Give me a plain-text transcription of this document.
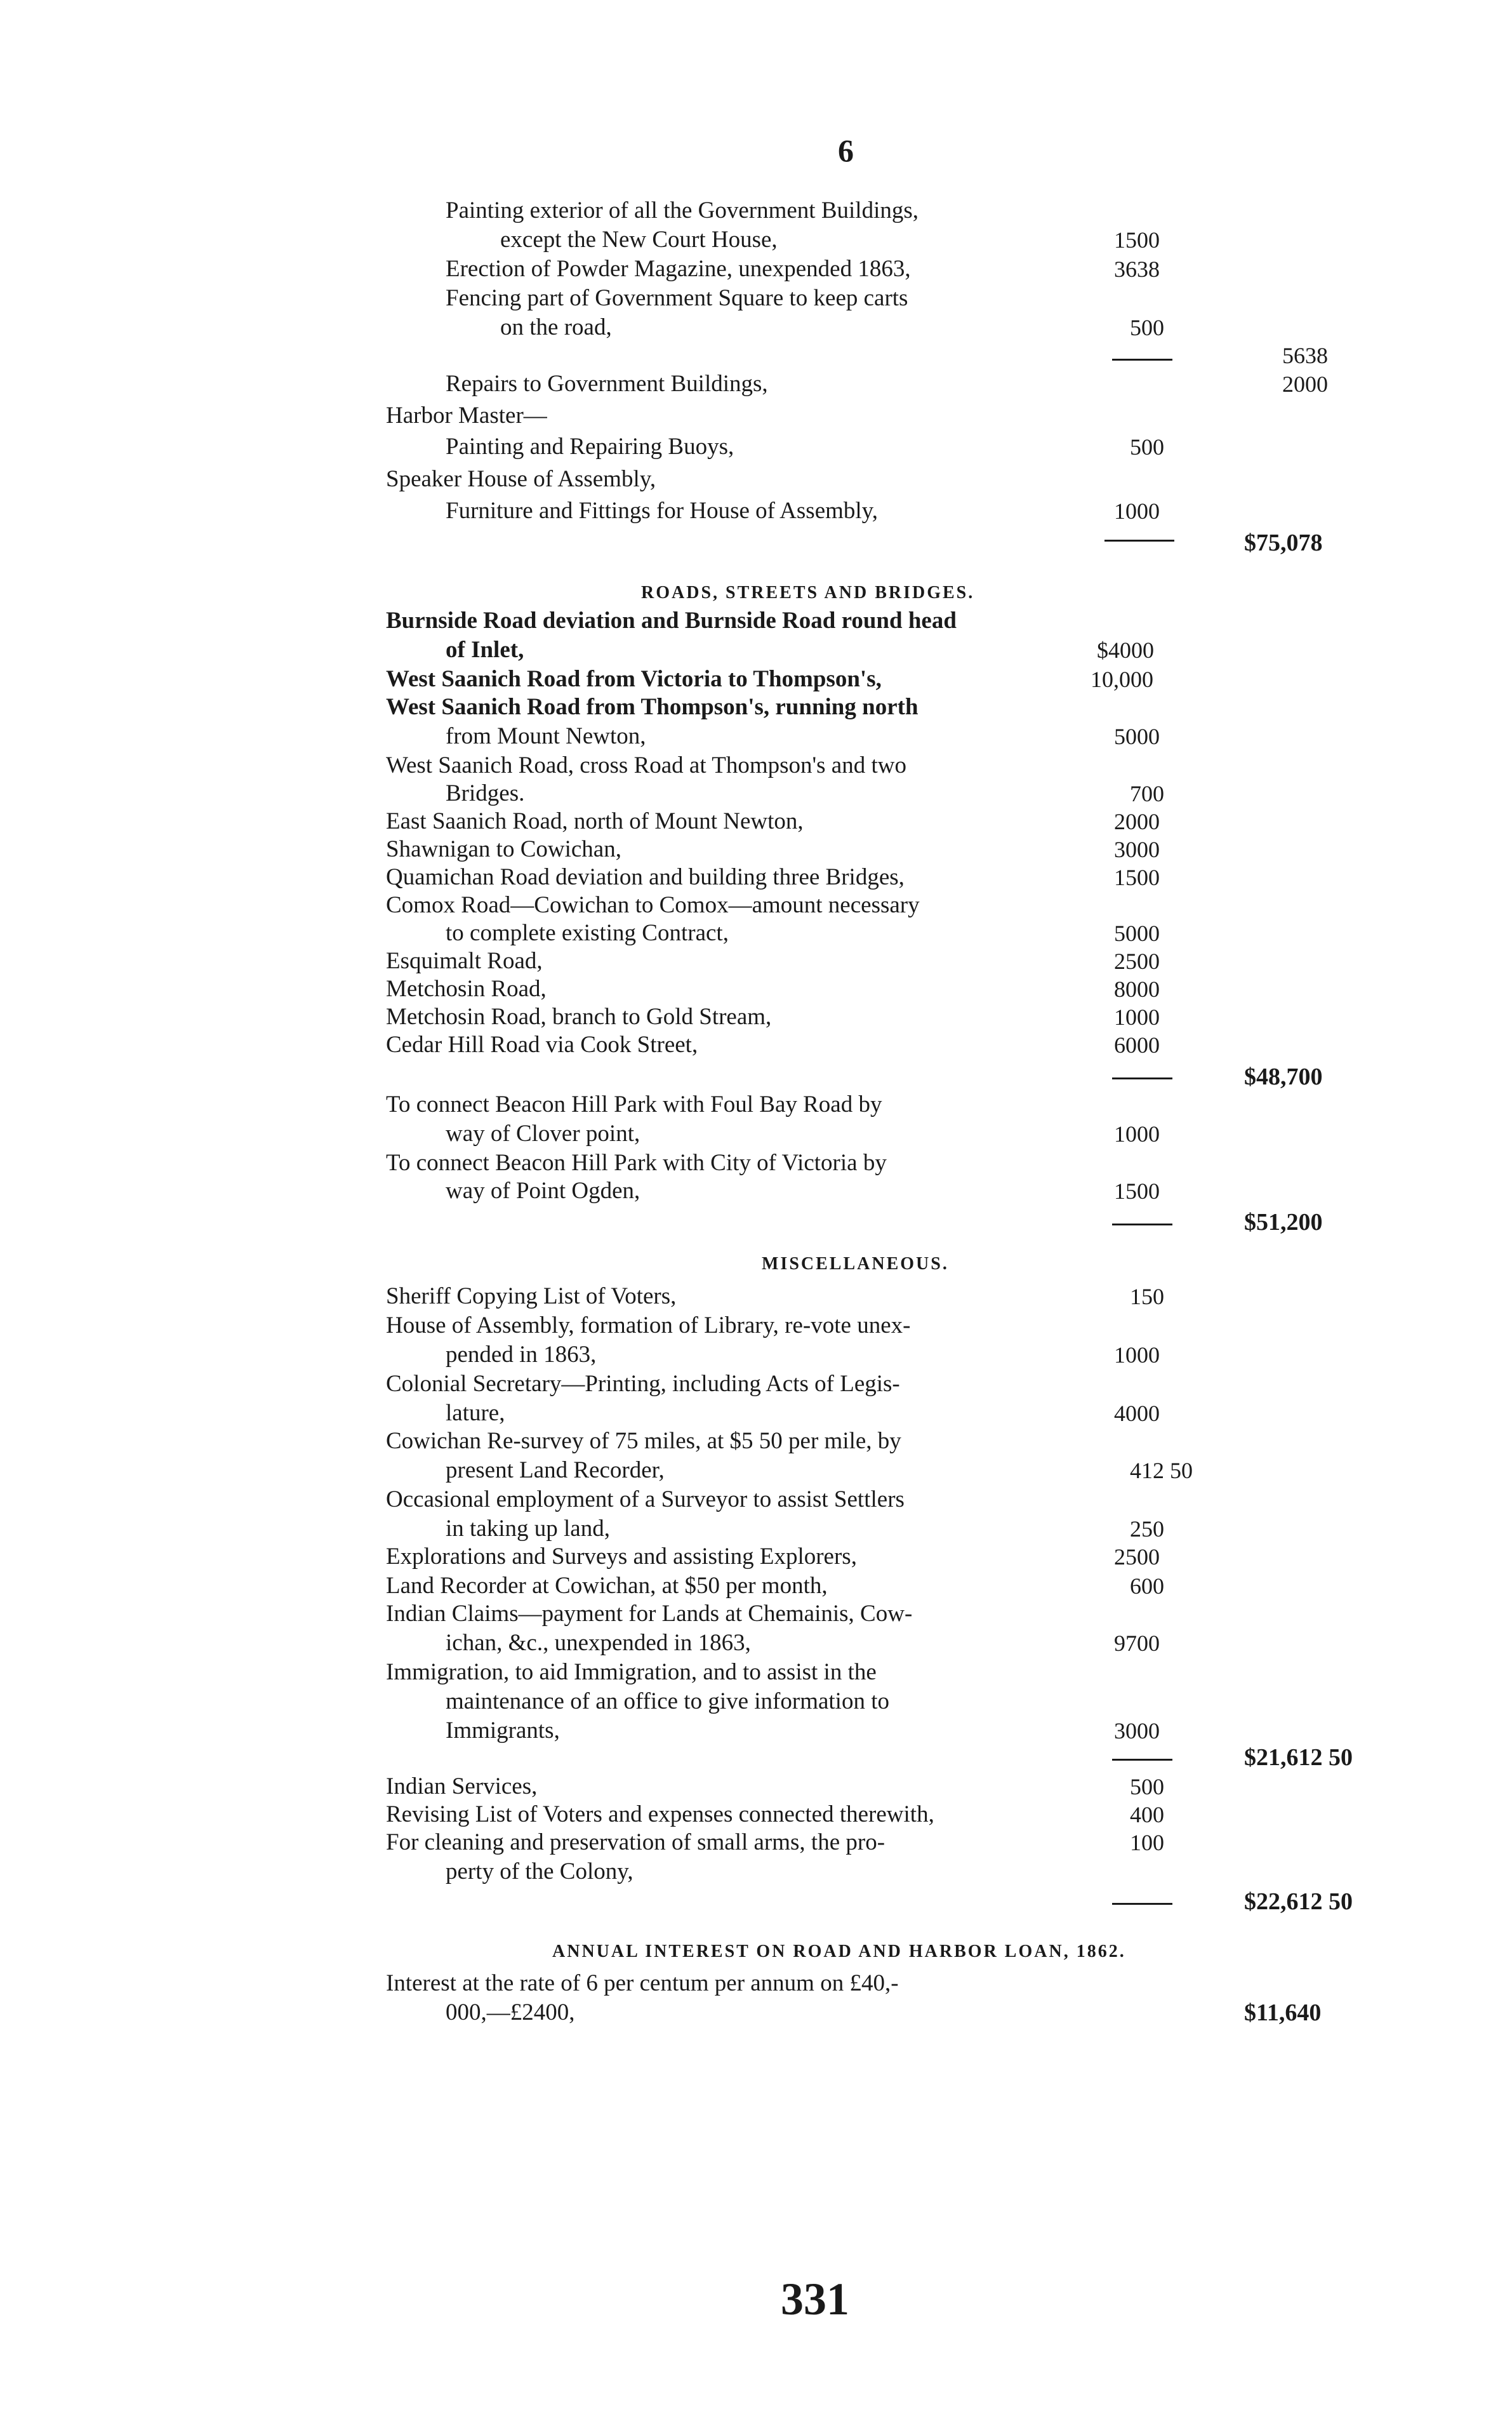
6
Painting exterior of all the Government Buildings,
except the New Court House,	1500
Erection of Powder Magazine, unexpended 1863,	3638
Fencing part of Government Square to keep carts
on the road,	500
5638
Repairs to Government Buildings,	2000
Harbor Master—
Painting and Repairing Buoys,	500
Speaker House of Assembly,
Furniture and Fittings for House of Assembly,	1000
$75,078
ROADS, STREETS AND BRIDGES.
Burnside Road deviation and Burnside Road round head
of Inlet,	$4000
West Saanich Road from Victoria to Thompson's,	10,000
West Saanich Road from Thompson's, running north
from Mount Newton,	5000
West Saanich Road, cross Road at Thompson's and two
Bridges.	700
East Saanich Road, north of Mount Newton,	2000
Shawnigan to Cowichan,	3000
Quamichan Road deviation and building three Bridges,	1500
Comox Road—Cowichan to Comox—amount necessary
to complete existing Contract,	5000
Esquimalt Road,	2500
Metchosin Road,	8000
Metchosin Road, branch to Gold Stream,	1000
Cedar Hill Road via Cook Street,	6000
$48,700
To connect Beacon Hill Park with Foul Bay Road by
way of Clover point,	1000
To connect Beacon Hill Park with City of Victoria by
way of Point Ogden,	1500
$51,200
MISCELLANEOUS.
Sheriff Copying List of Voters,	150
House of Assembly, formation of Library, re-vote unex-
pended in 1863,	1000
Colonial Secretary—Printing, including Acts of Legis-
lature,	4000
Cowichan Re-survey of 75 miles, at $5 50 per mile, by
present Land Recorder,	412 50
Occasional employment of a Surveyor to assist Settlers
in taking up land,	250
Explorations and Surveys and assisting Explorers,	2500
Land Recorder at Cowichan, at $50 per month,	600
Indian Claims—payment for Lands at Chemainis, Cow-
ichan, &c., unexpended in 1863,	9700
Immigration, to aid Immigration, and to assist in the
maintenance of an office to give information to
Immigrants,	3000
$21,612 50
Indian Services,	500
Revising List of Voters and expenses connected therewith,	400
For cleaning and preservation of small arms, the pro-	100
perty of the Colony,
$22,612 50
ANNUAL INTEREST ON ROAD AND HARBOR LOAN, 1862.
Interest at the rate of 6 per centum per annum on £40,-
000,—£2400,	$11,640
331
